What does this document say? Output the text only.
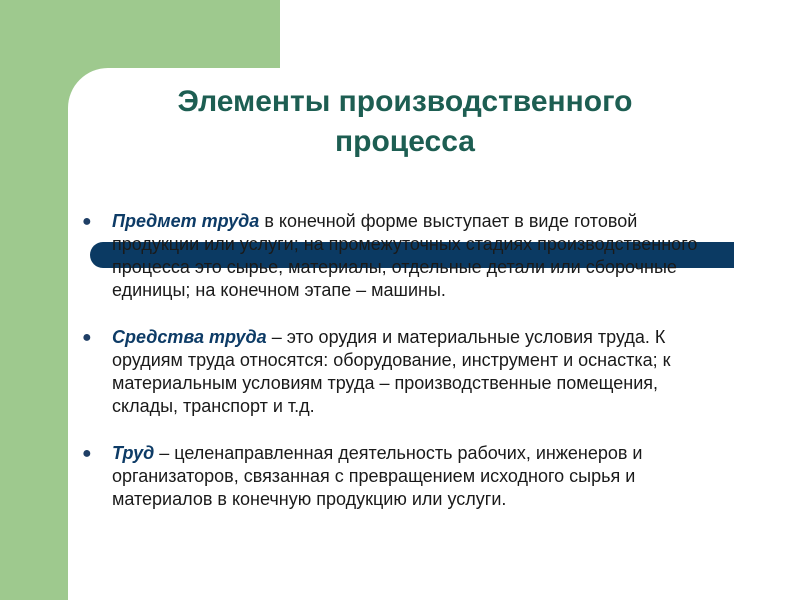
Элементы производственного
процесса
● Предмет труда в конечной форме выступает в виде готовой продукции или услуги; на промежуточных стадиях производственного процесса это сырье, материалы, отдельные детали или сборочные единицы; на конечном этапе – машины.
● Средства труда – это орудия и материальные условия труда. К орудиям труда относятся: оборудование, инструмент и оснастка; к материальным условиям труда – производственные помещения, склады, транспорт и т.д.
● Труд – целенаправленная деятельность рабочих, инженеров и организаторов, связанная с превращением исходного сырья и материалов в конечную продукцию или услуги.
